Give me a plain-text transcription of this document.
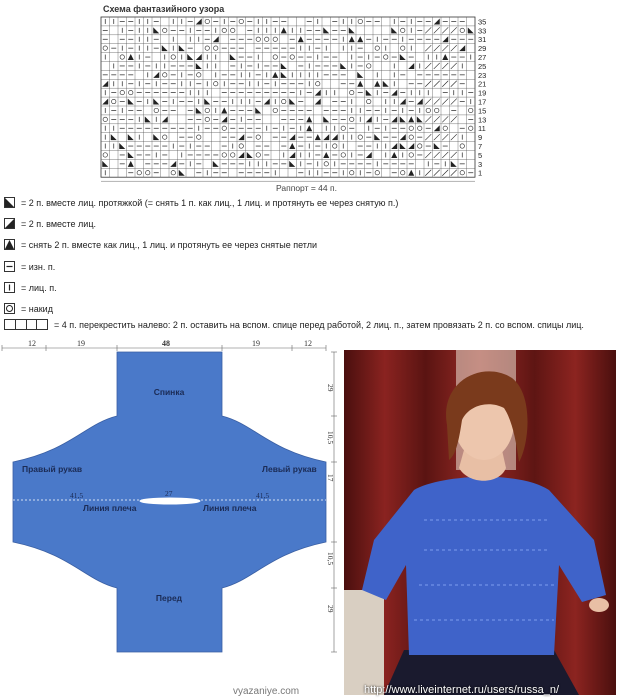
Схема фантазийного узора
35
33
31
29
27
25
23
21
19
17
15
13
11
9
7
5
3
1
Раппорт = 44 п.
= 2 п. вместе лиц. протяжкой (= снять 1 п. как лиц., 1 лиц. и протянуть ее через снятую п.)
= 2 п. вместе лиц.
= снять 2 п. вместе как лиц., 1 лиц. и протянуть ее через снятые петли
= изн. п.
= лиц. п.
= накид
= 4 п. перекрестить налево: 2 п. оставить на вспом. спице перед работой, 2 лиц. п., затем провязать 2 п. со вспом. спицы лиц.
12	19	48	19	12
29
10,5
17
10,5
29
Спинка
Перед
Правый рукав	Левый рукав
Линия плеча	Линия плеча
41,5	27	41,5
vyazaniye.com	http://www.liveinternet.ru/users/russa_n/
